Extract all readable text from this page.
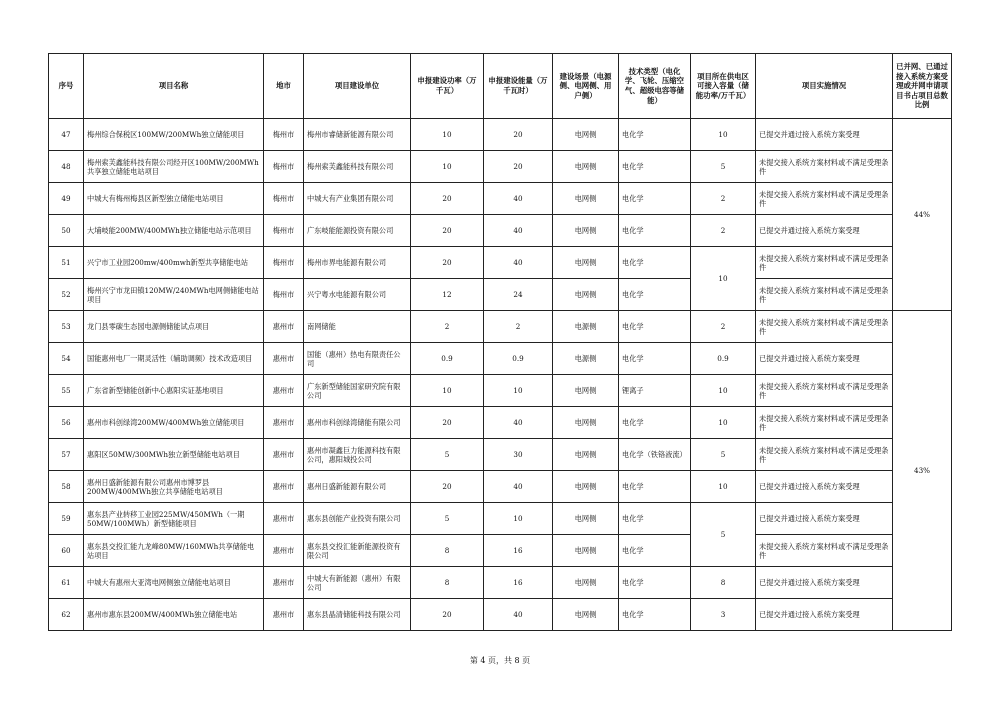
序号	项目名称	地市	项目建设单位	申报建设功率（万千瓦）	申报建设能量（万千瓦时）	建设场景（电源侧、电网侧、用户侧）	技术类型（电化学、飞轮、压缩空气、超级电容等储能）	项目所在供电区可接入容量（储能功率/万千瓦）	项目实施情况	已并网、已通过接入系统方案受理或并网申请项目书占项目总数比例
47	梅州综合保税区100MW/200MWh独立储能项目	梅州市	梅州市睿储新能源有限公司	10	20	电网侧	电化学	10	已提交并通过接入系统方案受理	44%
48	梅州索芙鑫能科技有限公司经开区100MW/200MWh共享独立储能电站项目	梅州市	梅州索芙鑫能科技有限公司	10	20	电网侧	电化学	5	未提交接入系统方案材料或不满足受理条件	
49	中城大有梅州梅县区新型独立储能电站项目	梅州市	中城大有产业集团有限公司	20	40	电网侧	电化学	2	未提交接入系统方案材料或不满足受理条件	
50	大埔岐能200MW/400MWh独立储能电站示范项目	梅州市	广东岐能能源投资有限公司	20	40	电网侧	电化学	2	已提交并通过接入系统方案受理	
51	兴宁市工业园200mw/400mwh新型共享储能电站	梅州市	梅州市界电能源有限公司	20	40	电网侧	电化学	10	未提交接入系统方案材料或不满足受理条件	
52	梅州兴宁市龙田镇120MW/240MWh电网侧储能电站项目	梅州市	兴宁粤水电能源有限公司	12	24	电网侧	电化学		未提交接入系统方案材料或不满足受理条件	
53	龙门县零碳生态园电源侧储能试点项目	惠州市	南网储能	2	2	电源侧	电化学	2	未提交接入系统方案材料或不满足受理条件	43%
54	国能惠州电厂一期灵活性（辅助调频）技术改造项目	惠州市	国能（惠州）热电有限责任公司	0.9	0.9	电源侧	电化学	0.9	已提交并通过接入系统方案受理	
55	广东省新型储能创新中心惠阳实证基地项目	惠州市	广东新型储能国家研究院有限公司	10	10	电网侧	锂离子	10	未提交接入系统方案材料或不满足受理条件	
56	惠州市科创绿湾200MW/400MWh独立储能项目	惠州市	惠州市科创绿湾储能有限公司	20	40	电网侧	电化学	10	未提交接入系统方案材料或不满足受理条件	
57	惠阳区50MW/300MWh独立新型储能电站项目	惠州市	惠州市凝鑫巨力能源科技有限公司，惠阳城投公司	5	30	电网侧	电化学（铁铬液流）	5	未提交接入系统方案材料或不满足受理条件	
58	惠州日盛新能源有限公司惠州市博罗县200MW/400MWh独立共享储能电站项目	惠州市	惠州日盛新能源有限公司	20	40	电网侧	电化学	10	已提交并通过接入系统方案受理	
59	惠东县产业转移工业园225MW/450MWh（一期50MW/100MWh）新型储能项目	惠州市	惠东县创能产业投资有限公司	5	10	电网侧	电化学	5	已提交并通过接入系统方案受理	
60	惠东县交投汇能九龙峰80MW/160MWh共享储能电站项目	惠州市	惠东县交投汇能新能源投资有限公司	8	16	电网侧	电化学		未提交接入系统方案材料或不满足受理条件	
61	中城大有惠州大亚湾电网侧独立储能电站项目	惠州市	中城大有新能源（惠州）有限公司	8	16	电网侧	电化学	8	已提交并通过接入系统方案受理	
62	惠州市惠东县200MW/400MWh独立储能电站	惠州市	惠东县晶清储能科技有限公司	20	40	电网侧	电化学	3	已提交并通过接入系统方案受理	
第 4 页，共 8 页
